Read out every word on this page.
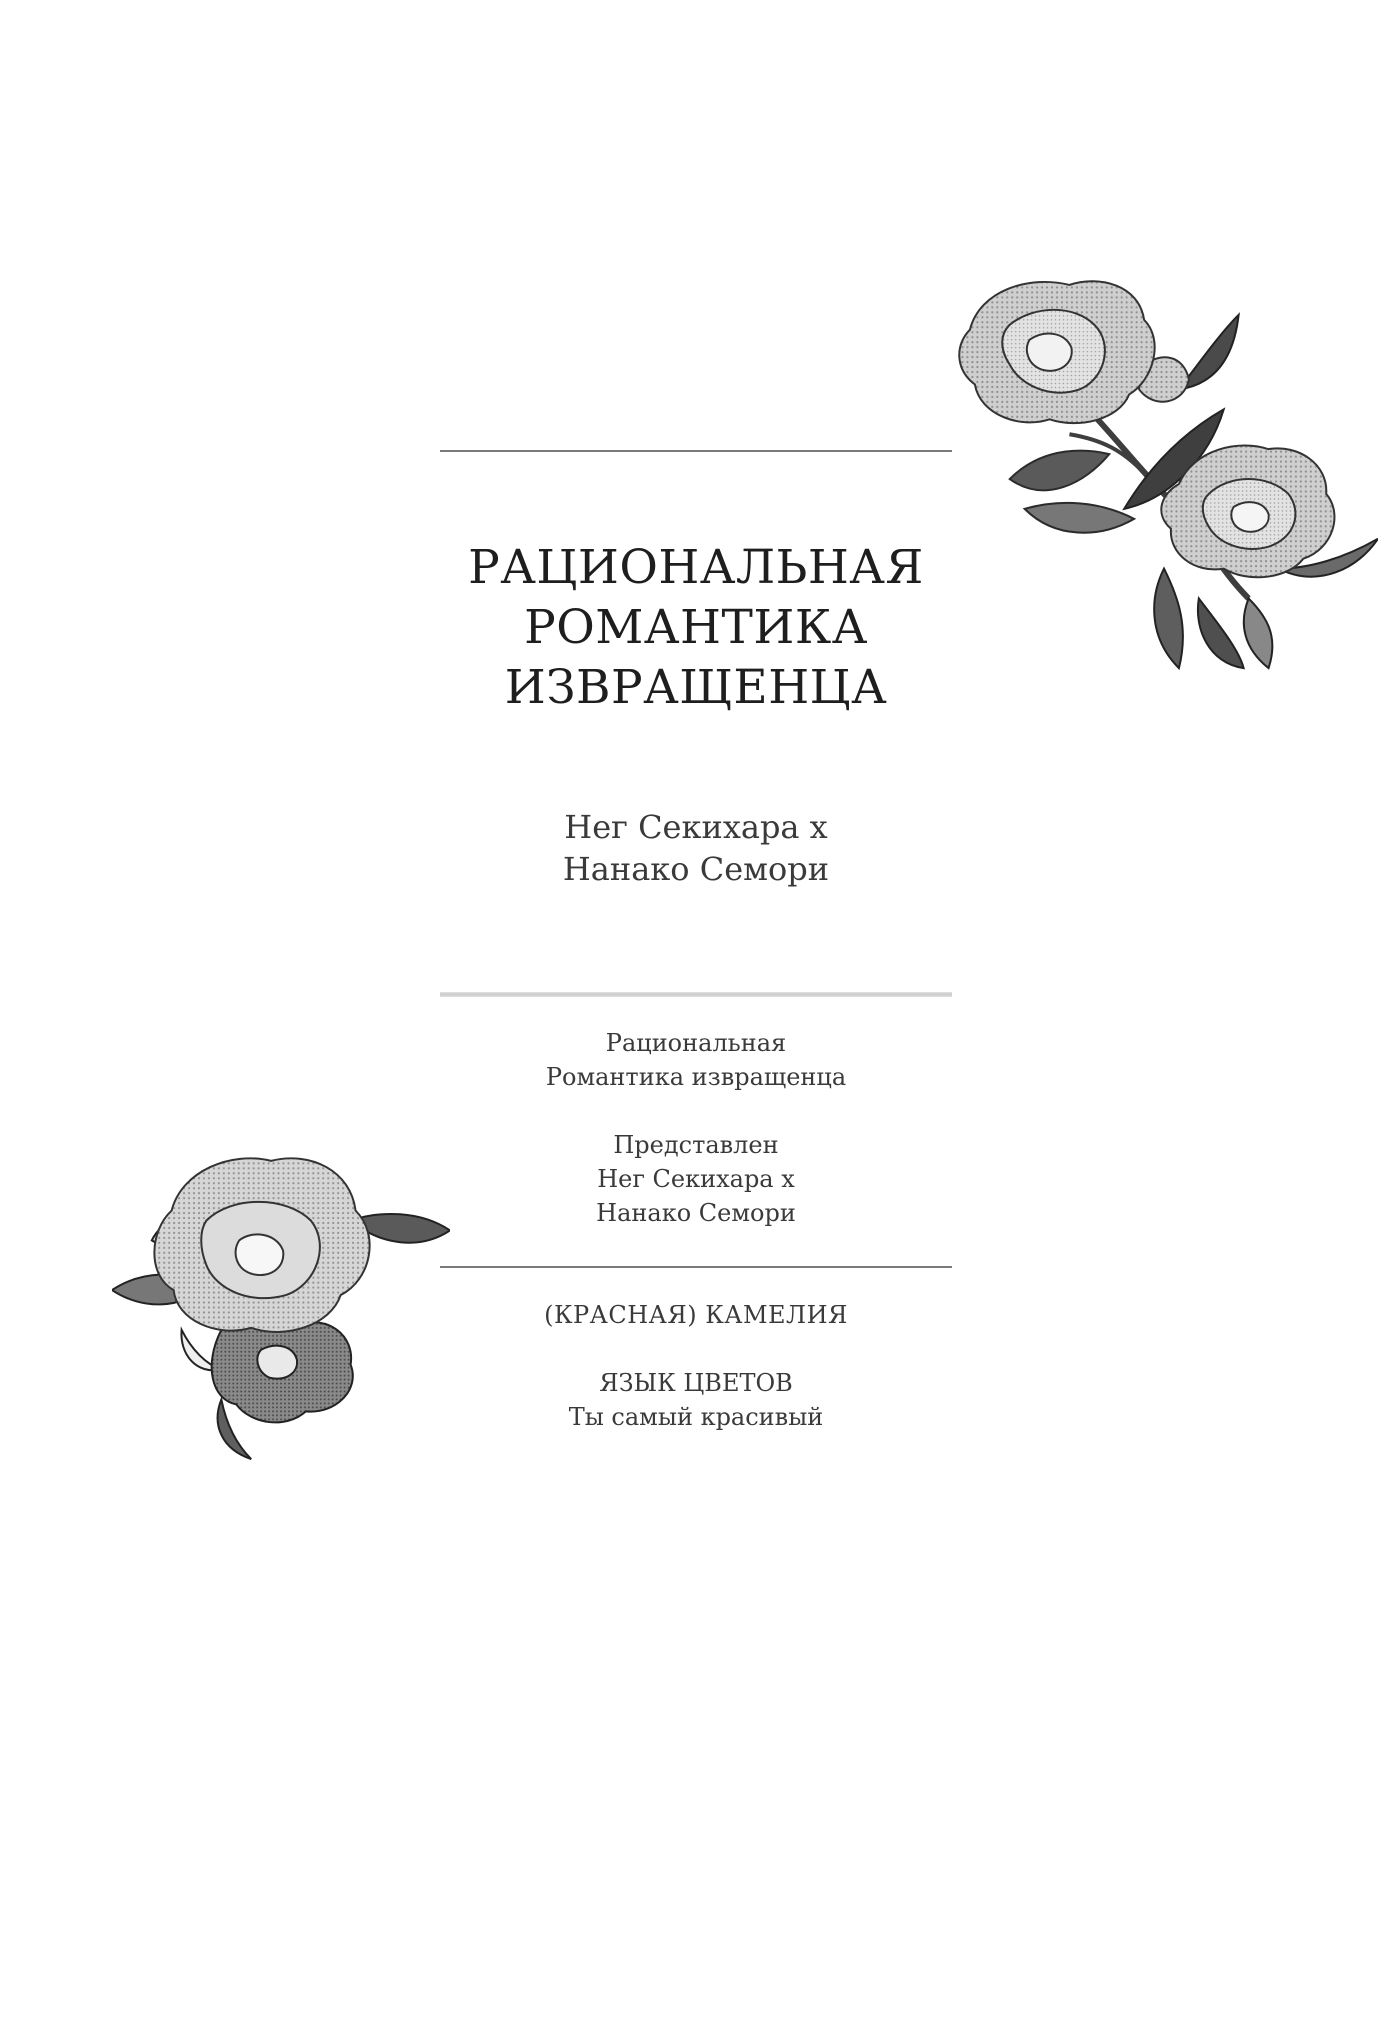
РАЦИОНАЛЬНАЯ
РОМАНТИКА
ИЗВРАЩЕНЦА
Нег Секихара х
Нанако Семори
Рациональная
Романтика извращенца
Представлен
Нег Секихара х
Нанако Семори
(КРАСНАЯ) КАМЕЛИЯ
ЯЗЫК ЦВЕТОВ
Ты самый красивый
